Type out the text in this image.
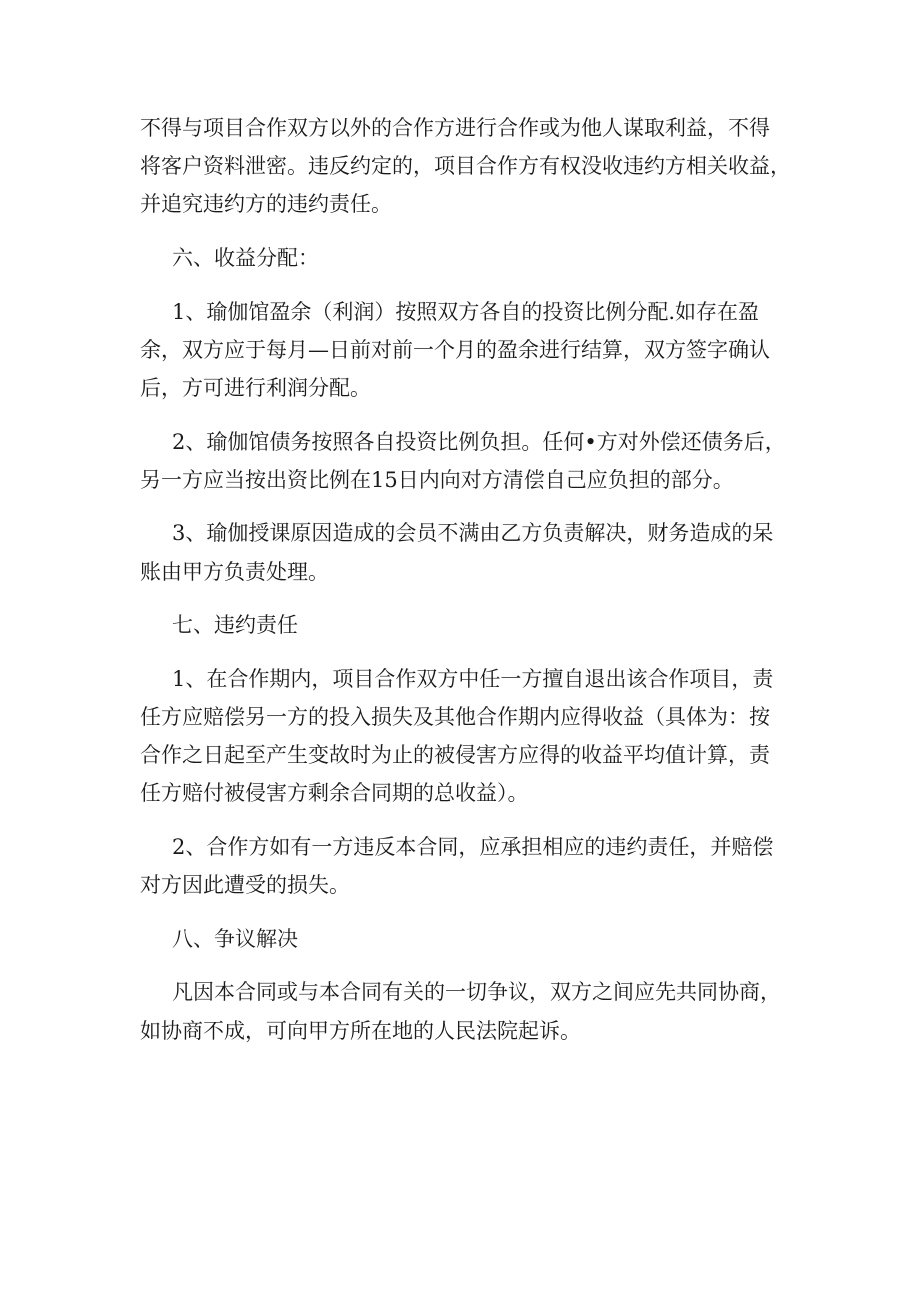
不得与项目合作双方以外的合作方进行合作或为他人谋取利益，不得
将客户资料泄密。违反约定的，项目合作方有权没收违约方相关收益，
并追究违约方的违约责任。

六、收益分配：

1、瑜伽馆盈余（利润）按照双方各自的投资比例分配.如存在盈
余，双方应于每月—日前对前一个月的盈余进行结算，双方签字确认
后，方可进行利润分配。

2、瑜伽馆债务按照各自投资比例负担。任何•方对外偿还债务后，
另一方应当按出资比例在15日内向对方清偿自己应负担的部分。

3、瑜伽授课原因造成的会员不满由乙方负责解决，财务造成的呆
账由甲方负责处理。

七、违约责任

1、在合作期内，项目合作双方中任一方擅自退出该合作项目，责
任方应赔偿另一方的投入损失及其他合作期内应得收益（具体为：按
合作之日起至产生变故时为止的被侵害方应得的收益平均值计算，责
任方赔付被侵害方剩余合同期的总收益）。

2、合作方如有一方违反本合同，应承担相应的违约责任，并赔偿
对方因此遭受的损失。

八、争议解决

凡因本合同或与本合同有关的一切争议，双方之间应先共同协商，
如协商不成，可向甲方所在地的人民法院起诉。
